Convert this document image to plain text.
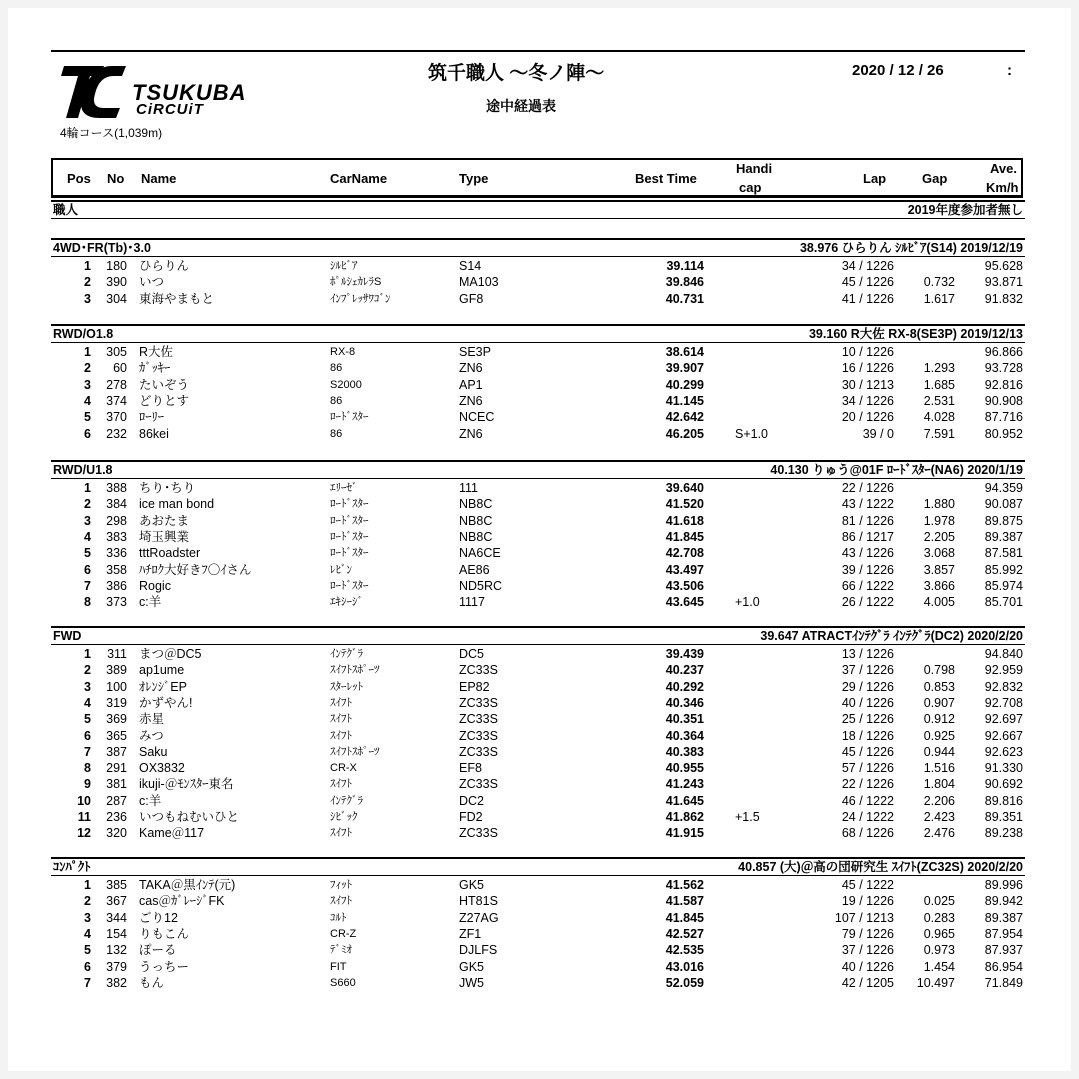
TSUKUBA
CiRCUiT
4輪コース(1,039m)
筑千職人 〜冬ノ陣〜
途中経過表
2020 / 12 / 26	:
Pos No Name	CarName	Type	Best Time
Handi
cap
Lap	Gap
Ave.
Km/h
職人	2019年度参加者無し
4WD･FR(Tb)･3.0	38.976 ひらりん ｼﾙﾋﾞｱ(S14) 2019/12/19
1	180 ひらりん	ｼﾙﾋﾞｱ	S14	39.114	34 / 1226	95.628
2	390 いつ	ﾎﾟﾙｼｪｶﾚﾗS	MA103	39.846	45 / 1226	0.732	93.871
3	304 東海やまもと	ｲﾝﾌﾟﾚｯｻﾜｺﾞﾝ	GF8	40.731	41 / 1226	1.617	91.832
RWD/O1.8	39.160 R大佐 RX-8(SE3P) 2019/12/13
1	305 R大佐	RX-8	SE3P	38.614	10 / 1226	96.866
2	60 ｶﾞｯｷｰ	86	ZN6	39.907	16 / 1226	1.293	93.728
3	278 たいぞう	S2000	AP1	40.299	30 / 1213	1.685	92.816
4	374 どりとす	86	ZN6	41.145	34 / 1226	2.531	90.908
5	370 ﾛｰﾘｰ	ﾛｰﾄﾞｽﾀｰ	NCEC	42.642	20 / 1226	4.028	87.716
6	232 86kei	86	ZN6	46.205 S+1.0	39 / 0	7.591	80.952
RWD/U1.8	40.130 りゅう@01F ﾛｰﾄﾞｽﾀｰ(NA6) 2020/1/19
1	388 ちり･ちり	ｴﾘｰｾﾞ	111	39.640	22 / 1226	94.359
2	384 ice man bond	ﾛｰﾄﾞｽﾀｰ	NB8C	41.520	43 / 1222	1.880	90.087
3	298 あおたま	ﾛｰﾄﾞｽﾀｰ	NB8C	41.618	81 / 1226	1.978	89.875
4	383 埼玉興業	ﾛｰﾄﾞｽﾀｰ	NB8C	41.845	86 / 1217	2.205	89.387
5	336 tttRoadster	ﾛｰﾄﾞｽﾀｰ	NA6CE	42.708	43 / 1226	3.068	87.581
6	358 ﾊﾁﾛｸ大好きﾌ〇ｲさん	ﾚﾋﾞﾝ	AE86	43.497	39 / 1226	3.857	85.992
7	386 Rogic	ﾛｰﾄﾞｽﾀｰ	ND5RC	43.506	66 / 1222	3.866	85.974
8	373 c:羊	ｴｷｼｰｼﾞ	1117	43.645 +1.0	26 / 1222	4.005	85.701
FWD	39.647 ATRACTｲﾝﾃｸﾞﾗ ｲﾝﾃｸﾞﾗ(DC2) 2020/2/20
1	311 まつ＠DC5	ｲﾝﾃｸﾞﾗ	DC5	39.439	13 / 1226	94.840
2	389 ap1ume	ｽｲﾌﾄｽﾎﾟｰﾂ	ZC33S	40.237	37 / 1226	0.798	92.959
3	100 ｵﾚﾝｼﾞEP	ｽﾀｰﾚｯﾄ	EP82	40.292	29 / 1226	0.853	92.832
4	319 かずやん!	ｽｲﾌﾄ	ZC33S	40.346	40 / 1226	0.907	92.708
5	369 赤星	ｽｲﾌﾄ	ZC33S	40.351	25 / 1226	0.912	92.697
6	365 みつ	ｽｲﾌﾄ	ZC33S	40.364	18 / 1226	0.925	92.667
7	387 Saku	ｽｲﾌﾄｽﾎﾟｰﾂ	ZC33S	40.383	45 / 1226	0.944	92.623
8	291 OX3832	CR-X	EF8	40.955	57 / 1226	1.516	91.330
9	381 ikuji-＠ﾓﾝｽﾀｰ東名	ｽｲﾌﾄ	ZC33S	41.243	22 / 1226	1.804	90.692
10	287 c:羊	ｲﾝﾃｸﾞﾗ	DC2	41.645	46 / 1222	2.206	89.816
11	236 いつもねむいひと	ｼﾋﾞｯｸ	FD2	41.862 +1.5	24 / 1222	2.423	89.351
12	320 Kame＠117	ｽｲﾌﾄ	ZC33S	41.915	68 / 1226	2.476	89.238
ｺﾝﾊﾟｸﾄ	40.857 (大)＠高の団研究生 ｽｲﾌﾄ(ZC32S) 2020/2/20
1	385 TAKA＠黒ｲﾝﾃ(元)	ﾌｨｯﾄ	GK5	41.562	45 / 1222	89.996
2	367 cas＠ｶﾞﾚｰｼﾞFK	ｽｲﾌﾄ	HT81S	41.587	19 / 1226	0.025	89.942
3	344 ごり12	ｺﾙﾄ	Z27AG	41.845	107 / 1213	0.283	89.387
4	154 りもこん	CR-Z	ZF1	42.527	79 / 1226	0.965	87.954
5	132 ぽーる	ﾃﾞﾐｵ	DJLFS	42.535	37 / 1226	0.973	87.937
6	379 うっちー	FIT	GK5	43.016	40 / 1226	1.454	86.954
7	382 もん	S660	JW5	52.059	42 / 1205	10.497	71.849
